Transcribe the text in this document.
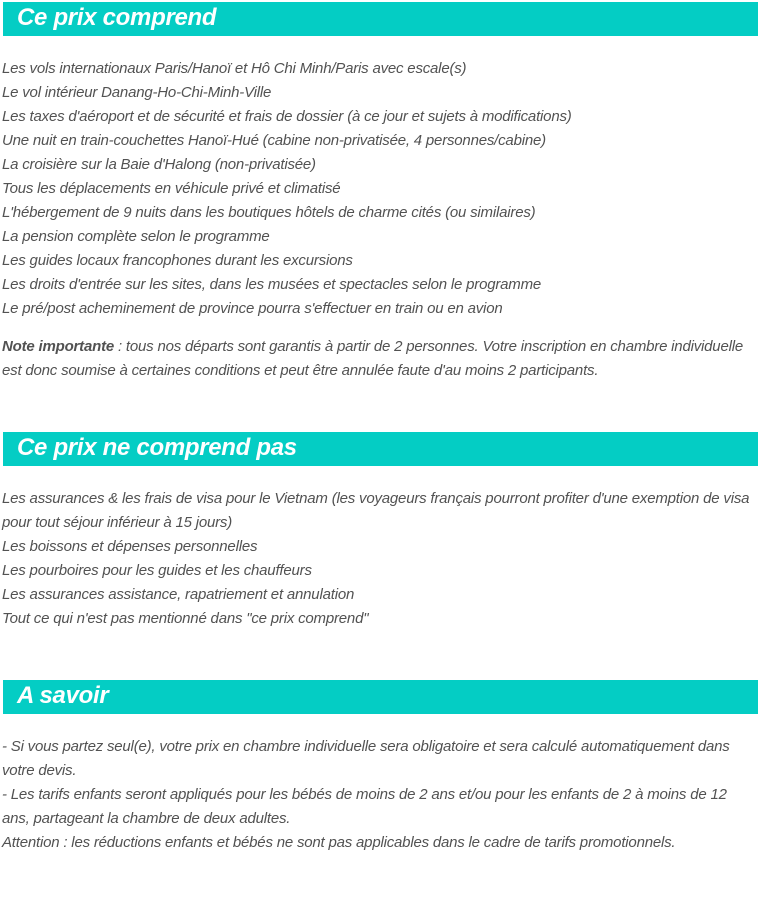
Ce prix comprend
Les vols internationaux Paris/Hanoï et Hô Chi Minh/Paris avec escale(s)
Le vol intérieur Danang-Ho-Chi-Minh-Ville
Les taxes d'aéroport et de sécurité et frais de dossier (à ce jour et sujets à modifications)
Une nuit en train-couchettes Hanoï-Hué (cabine non-privatisée, 4 personnes/cabine)
La croisière sur la Baie d'Halong (non-privatisée)
Tous les déplacements en véhicule privé et climatisé
L'hébergement de 9 nuits dans les boutiques hôtels de charme cités (ou similaires)
La pension complète selon le programme
Les guides locaux francophones durant les excursions
Les droits d'entrée sur les sites, dans les musées et spectacles selon le programme
Le pré/post acheminement de province pourra s'effectuer en train ou en avion

Note importante : tous nos départs sont garantis à partir de 2 personnes. Votre inscription en chambre individuelle est donc soumise à certaines conditions et peut être annulée faute d'au moins 2 participants.

Ce prix ne comprend pas
Les assurances & les frais de visa pour le Vietnam (les voyageurs français pourront profiter d'une exemption de visa pour tout séjour inférieur à 15 jours)
Les boissons et dépenses personnelles
Les pourboires pour les guides et les chauffeurs
Les assurances assistance, rapatriement et annulation
Tout ce qui n'est pas mentionné dans "ce prix comprend"
A savoir
- Si vous partez seul(e), votre prix en chambre individuelle sera obligatoire et sera calculé automatiquement dans votre devis.
- Les tarifs enfants seront appliqués pour les bébés de moins de 2 ans et/ou pour les enfants de 2 à moins de 12 ans, partageant la chambre de deux adultes.
Attention : les réductions enfants et bébés ne sont pas applicables dans le cadre de tarifs promotionnels.
